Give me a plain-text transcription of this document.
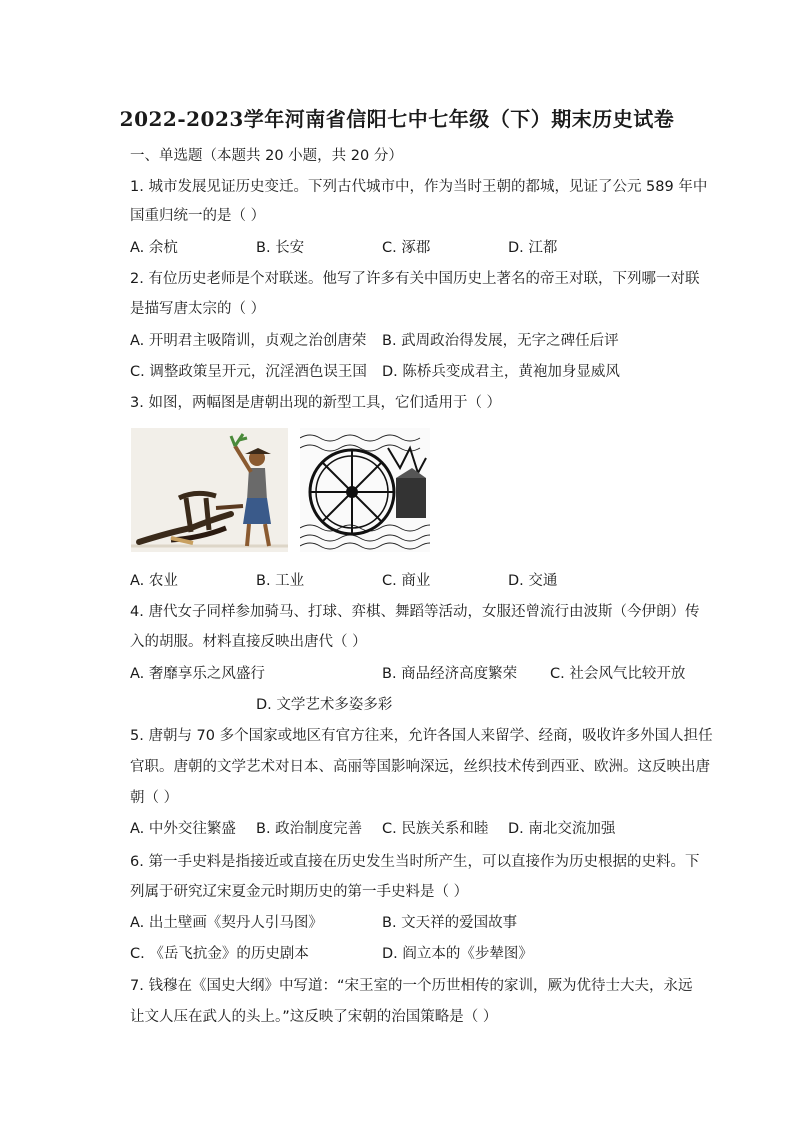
2022-2023学年河南省信阳七中七年级（下）期末历史试卷
一、单选题（本题共 20 小题，共 20 分）
1. 城市发展见证历史变迁。下列古代城市中，作为当时王朝的都城，见证了公元 589 年中
国重归统一的是（ ）
A. 余杭	B. 长安	C. 涿郡	D. 江都
2. 有位历史老师是个对联迷。他写了许多有关中国历史上著名的帝王对联，下列哪一对联
是描写唐太宗的（ ）
A. 开明君主吸隋训，贞观之治创唐荣 B. 武周政治得发展，无字之碑任后评
C. 调整政策呈开元，沉淫酒色误王国 D. 陈桥兵变成君主，黄袍加身显威风
3. 如图，两幅图是唐朝出现的新型工具，它们适用于（ ）
A. 农业	B. 工业	C. 商业	D. 交通
4. 唐代女子同样参加骑马、打球、弈棋、舞蹈等活动，女服还曾流行由波斯（今伊朗）传
入的胡服。材料直接反映出唐代（ ）
A. 奢靡享乐之风盛行	B. 商品经济高度繁荣 C. 社会风气比较开放
D. 文学艺术多姿多彩
5. 唐朝与 70 多个国家或地区有官方往来，允许各国人来留学、经商，吸收许多外国人担任
官职。唐朝的文学艺术对日本、高丽等国影响深远，丝织技术传到西亚、欧洲。这反映出唐
朝（ ）
A. 中外交往繁盛 B. 政治制度完善 C. 民族关系和睦 D. 南北交流加强
6. 第一手史料是指接近或直接在历史发生当时所产生，可以直接作为历史根据的史料。下
列属于研究辽宋夏金元时期历史的第一手史料是（ ）
A. 出土壁画《契丹人引马图》	B. 文天祥的爱国故事
C. 《岳飞抗金》的历史剧本	D. 阎立本的《步辇图》
7. 钱穆在《国史大纲》中写道：“宋王室的一个历世相传的家训，厥为优待士大夫，永远
让文人压在武人的头上。”这反映了宋朝的治国策略是（ ）
